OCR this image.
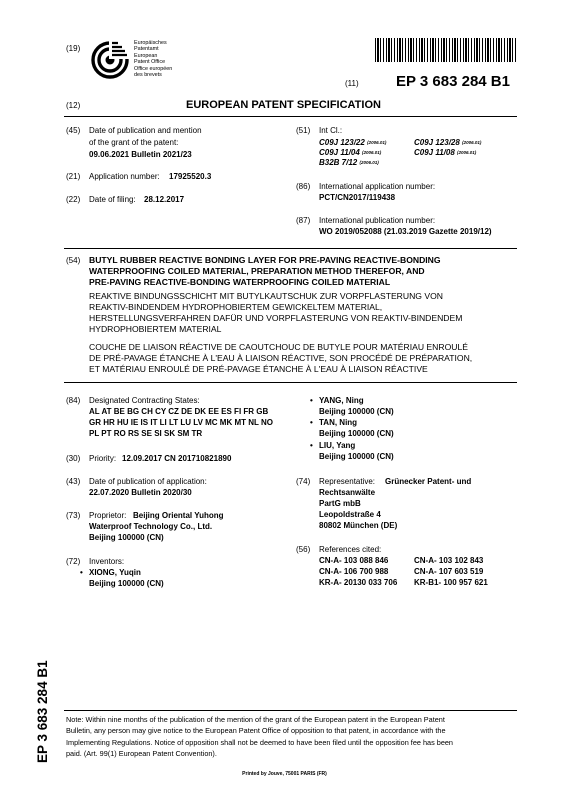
(19)
Europäisches
Patentamt
European
Patent Office
Office européen
des brevets
(11) EP 3 683 284 B1
(12)	EUROPEAN PATENT SPECIFICATION
(45) Date of publication and mention
of the grant of the patent:
09.06.2021 Bulletin 2021/23
(21) Application number: 17925520.3
(22) Date of filing: 28.12.2017
(51) Int Cl.:
C09J 123/22 $^{(2006.01)}$	C09J 123/28 $^{(2006.01)}$
C09J 11/04 $^{(2006.01)}$	C09J 11/08 $^{(2006.01)}$
B32B 7/12 $^{(2006.01)}$
(86) International application number:
PCT/CN2017/119438
(87) International publication number:
WO 2019/052088 (21.03.2019 Gazette 2019/12)
(54) BUTYL RUBBER REACTIVE BONDING LAYER FOR PRE-PAVING REACTIVE-BONDING
WATERPROOFING COILED MATERIAL, PREPARATION METHOD THEREFOR, AND
PRE-PAVING REACTIVE-BONDING WATERPROOFING COILED MATERIAL
REAKTIVE BINDUNGSSCHICHT MIT BUTYLKAUTSCHUK ZUR VORPFLASTERUNG VON
REAKTIV-BINDENDEM HYDROPHOBIERTEM GEWICKELTEM MATERIAL,
HERSTELLUNGSVERFAHREN DAFÜR UND VORPFLASTERUNG VON REAKTIV-BINDENDEM
HYDROPHOBIERTEM MATERIAL
COUCHE DE LIAISON RÉACTIVE DE CAOUTCHOUC DE BUTYLE POUR MATÉRIAU ENROULÉ
DE PRÉ-PAVAGE ÉTANCHE À L'EAU À LIAISON RÉACTIVE, SON PROCÉDÉ DE PRÉPARATION,
ET MATÉRIAU ENROULÉ DE PRÉ-PAVAGE ÉTANCHE À L'EAU À LIAISON RÉACTIVE
(84) Designated Contracting States:
AL AT BE BG CH CY CZ DE DK EE ES FI FR GB
GR HR HU IE IS IT LI LT LU LV MC MK MT NL NO
PL PT RO RS SE SI SK SM TR
(30) Priority: 12.09.2017 CN 201710821890
(43) Date of publication of application:
22.07.2020 Bulletin 2020/30
(73) Proprietor: Beijing Oriental Yuhong
Waterproof Technology Co., Ltd.
Beijing 100000 (CN)
(72) Inventors:
• XIONG, Yuqin
Beijing 100000 (CN)
• YANG, Ning
Beijing 100000 (CN)
• TAN, Ning
Beijing 100000 (CN)
• LIU, Yang
Beijing 100000 (CN)
(74) Representative: Grünecker Patent- und
Rechtsanwälte
PartG mbB
Leopoldstraße 4
80802 München (DE)
(56) References cited:
CN-A- 103 088 846	CN-A- 103 102 843
CN-A- 106 700 988	CN-A- 107 603 519
KR-A- 20130 033 706 KR-B1- 100 957 621
EP 3 683 284 B1 Note: Within nine months of the publication of the mention of the grant of the European patent in the European Patent
Bulletin, any person may give notice to the European Patent Office of opposition to that patent, in accordance with the
Implementing Regulations. Notice of opposition shall not be deemed to have been filed until the opposition fee has been
paid. (Art. 99(1) European Patent Convention).
Printed by Jouve, 75001 PARIS (FR)
